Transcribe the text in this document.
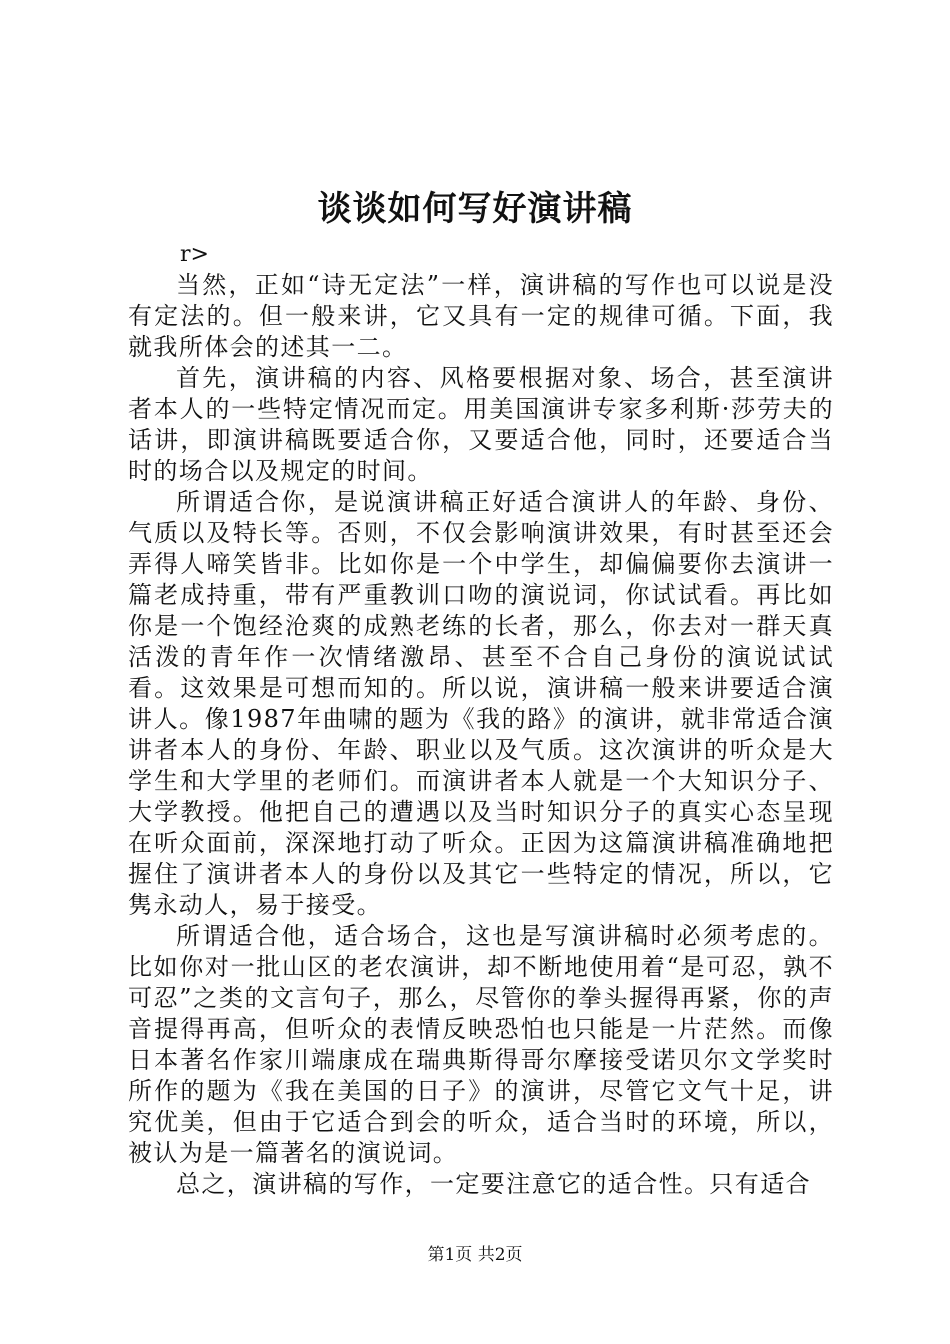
谈谈如何写好演讲稿
r>

当然，正如“诗无定法”一样，演讲稿的写作也可以说是没有定法的。但一般来讲，它又具有一定的规律可循。下面，我就我所体会的述其一二。

首先，演讲稿的内容、风格要根据对象、场合，甚至演讲者本人的一些特定情况而定。用美国演讲专家多利斯·莎劳夫的话讲，即演讲稿既要适合你，又要适合他，同时，还要适合当时的场合以及规定的时间。

所谓适合你，是说演讲稿正好适合演讲人的年龄、身份、气质以及特长等。否则，不仅会影响演讲效果，有时甚至还会弄得人啼笑皆非。比如你是一个中学生，却偏偏要你去演讲一篇老成持重，带有严重教训口吻的演说词，你试试看。再比如你是一个饱经沧爽的成熟老练的长者，那么，你去对一群天真活泼的青年作一次情绪激昂、甚至不合自己身份的演说试试看。这效果是可想而知的。所以说，演讲稿一般来讲要适合演讲人。像1987年曲啸的题为《我的路》的演讲，就非常适合演讲者本人的身份、年龄、职业以及气质。这次演讲的听众是大学生和大学里的老师们。而演讲者本人就是一个大知识分子、大学教授。他把自己的遭遇以及当时知识分子的真实心态呈现在听众面前，深深地打动了听众。正因为这篇演讲稿准确地把握住了演讲者本人的身份以及其它一些特定的情况，所以，它隽永动人，易于接受。

所谓适合他，适合场合，这也是写演讲稿时必须考虑的。比如你对一批山区的老农演讲，却不断地使用着“是可忍，孰不可忍”之类的文言句子，那么，尽管你的拳头握得再紧，你的声音提得再高，但听众的表情反映恐怕也只能是一片茫然。而像日本著名作家川端康成在瑞典斯得哥尔摩接受诺贝尔文学奖时所作的题为《我在美国的日子》的演讲，尽管它文气十足，讲究优美，但由于它适合到会的听众，适合当时的环境，所以，被认为是一篇著名的演说词。

总之，演讲稿的写作，一定要注意它的适合性。只有适合

第1页 共2页
